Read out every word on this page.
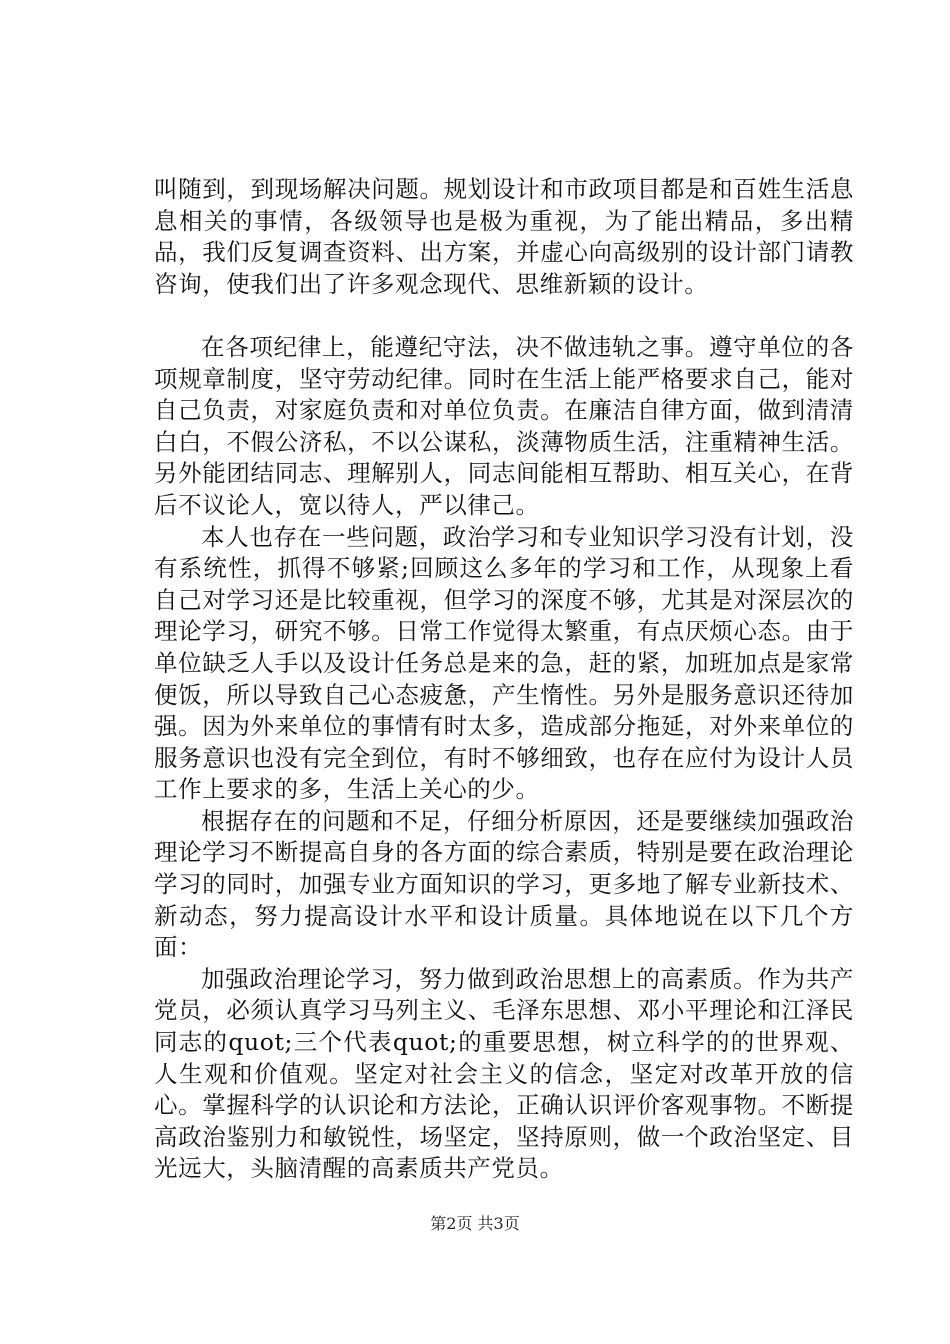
叫随到，到现场解决问题。规划设计和市政项目都是和百姓生活息息相关的事情，各级领导也是极为重视，为了能出精品，多出精品，我们反复调查资料、出方案，并虚心向高级别的设计部门请教咨询，使我们出了许多观念现代、思维新颖的设计。

在各项纪律上，能遵纪守法，决不做违轨之事。遵守单位的各项规章制度，坚守劳动纪律。同时在生活上能严格要求自己，能对自己负责，对家庭负责和对单位负责。在廉洁自律方面，做到清清白白，不假公济私，不以公谋私，淡薄物质生活，注重精神生活。另外能团结同志、理解别人，同志间能相互帮助、相互关心，在背后不议论人，宽以待人，严以律己。

本人也存在一些问题，政治学习和专业知识学习没有计划，没有系统性，抓得不够紧;回顾这么多年的学习和工作，从现象上看自己对学习还是比较重视，但学习的深度不够，尤其是对深层次的理论学习，研究不够。日常工作觉得太繁重，有点厌烦心态。由于单位缺乏人手以及设计任务总是来的急，赶的紧，加班加点是家常便饭，所以导致自己心态疲惫，产生惰性。另外是服务意识还待加强。因为外来单位的事情有时太多，造成部分拖延，对外来单位的服务意识也没有完全到位，有时不够细致，也存在应付为设计人员工作上要求的多，生活上关心的少。

根据存在的问题和不足，仔细分析原因，还是要继续加强政治理论学习不断提高自身的各方面的综合素质，特别是要在政治理论学习的同时，加强专业方面知识的学习，更多地了解专业新技术、新动态，努力提高设计水平和设计质量。具体地说在以下几个方面：

加强政治理论学习，努力做到政治思想上的高素质。作为共产党员，必须认真学习马列主义、毛泽东思想、邓小平理论和江泽民同志的quot;三个代表quot;的重要思想，树立科学的的世界观、人生观和价值观。坚定对社会主义的信念，坚定对改革开放的信心。掌握科学的认识论和方法论，正确认识评价客观事物。不断提高政治鉴别力和敏锐性，场坚定，坚持原则，做一个政治坚定、目光远大，头脑清醒的高素质共产党员。

第2页 共3页
